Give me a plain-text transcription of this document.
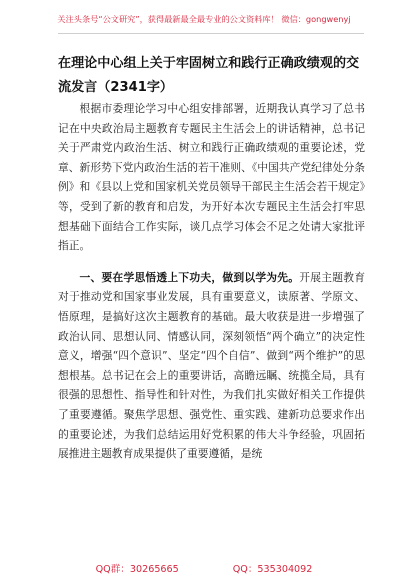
关注头条号“公文研究”，获得最新最全最专业的公文资料库！ 微信：gongwenyj
在理论中心组上关于牢固树立和践行正确政绩观的交流发言（2341字）

根据市委理论学习中心组安排部署，近期我认真学习了总书记在中央政治局主题教育专题民主生活会上的讲话精神，总书记关于严肃党内政治生活、树立和践行正确政绩观的重要论述，党章、新形势下党内政治生活的若干准则、《中国共产党纪律处分条例》和《县以上党和国家机关党员领导干部民主生活会若干规定》等，受到了新的教育和启发，为开好本次专题民主生活会打牢思想基础下面结合工作实际，谈几点学习体会不足之处请大家批评指正。

一、要在学思悟透上下功夫，做到以学为先。开展主题教育对于推动党和国家事业发展，具有重要意义，读原著、学原文、悟原理，是搞好这次主题教育的基础。最大收获是进一步增强了政治认同、思想认同、情感认同，深刻领悟“两个确立”的决定性意义，增强“四个意识”、坚定“四个自信”、做到“两个维护”的思想根基。总书记在会上的重要讲话，高瞻远瞩、统揽全局，具有很强的思想性、指导性和针对性，为我们扎实做好相关工作提供了重要遵循。聚焦学思想、强党性、重实践、建新功总要求作出的重要论述，为我们总结运用好党积累的伟大斗争经验，巩固拓展推进主题教育成果提供了重要遵循，是统

QQ群：30265665	QQ：535304092
